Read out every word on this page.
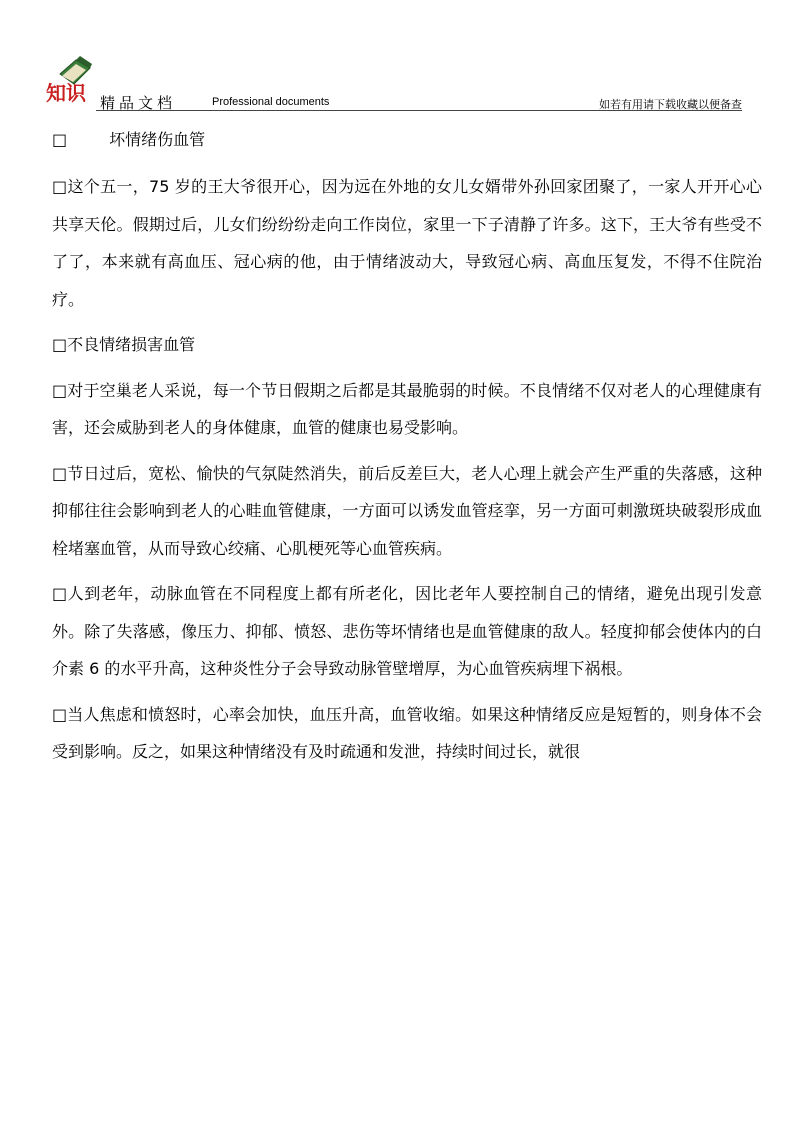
知识 精品文档	Professional documents	如若有用请下载收藏以便备查

□	坏情绪伤血管

□这个五一，75 岁的王大爷很开心，因为远在外地的女儿女婿带外孙回家团聚了，一家人开开心心共享天伦。假期过后，儿女们纷纷纷走向工作岗位，家里一下子清静了许多。这下，王大爷有些受不了了，本来就有高血压、冠心病的他，由于情绪波动大，导致冠心病、高血压复发，不得不住院治疗。

□不良情绪损害血管

□对于空巢老人采说，每一个节日假期之后都是其最脆弱的时候。不良情绪不仅对老人的心理健康有害，还会威胁到老人的身体健康，血管的健康也易受影响。

□节日过后，宽松、愉快的气氛陡然消失，前后反差巨大，老人心理上就会产生严重的失落感，这种抑郁往往会影响到老人的心畦血管健康，一方面可以诱发血管痉挛，另一方面可刺激斑块破裂形成血栓堵塞血管，从而导致心绞痛、心肌梗死等心血管疾病。

□人到老年，动脉血管在不同程度上都有所老化，因比老年人要控制自己的情绪，避免出现引发意外。除了失落感，像压力、抑郁、愤怒、悲伤等坏情绪也是血管健康的敌人。轻度抑郁会使体内的白介素 6 的水平升高，这种炎性分子会导致动脉管壁增厚，为心血管疾病埋下祸根。

□当人焦虑和愤怒时，心率会加快，血压升高，血管收缩。如果这种情绪反应是短暂的，则身体不会受到影响。反之，如果这种情绪没有及时疏通和发泄，持续时间过长，就很
